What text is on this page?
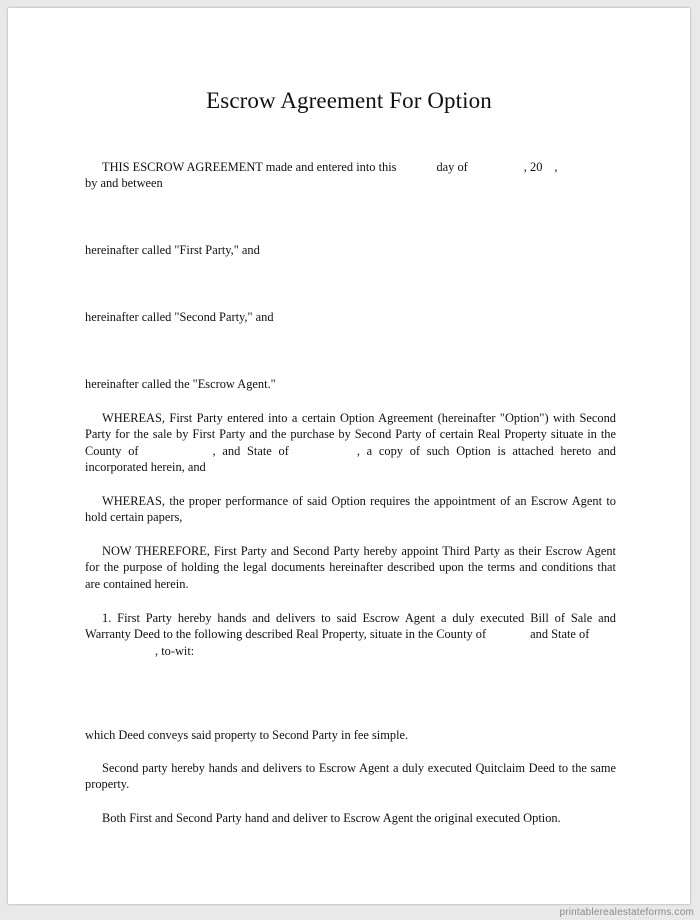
Escrow Agreement For Option
THIS ESCROW AGREEMENT made and entered into this	day of	, 20 ,
by and between
hereinafter called "First Party," and
hereinafter called "Second Party," and
hereinafter called the "Escrow Agent."
WHEREAS, First Party entered into a certain Option Agreement (hereinafter "Option") with Second Party for the sale by First Party and the purchase by Second Party of certain Real Property situate in the County of	, and State of	, a copy of such Option is attached hereto and incorporated herein, and
WHEREAS, the proper performance of said Option requires the appointment of an Escrow Agent to hold certain papers,
NOW THEREFORE, First Party and Second Party hereby appoint Third Party as their Escrow Agent for the purpose of holding the legal documents hereinafter described upon the terms and conditions that are contained herein.
1. First Party hereby hands and delivers to said Escrow Agent a duly executed Bill of Sale and Warranty Deed to the following described Real Property, situate in the County of	and State of
, to-wit:
which Deed conveys said property to Second Party in fee simple.
Second party hereby hands and delivers to Escrow Agent a duly executed Quitclaim Deed to the same property.
Both First and Second Party hand and deliver to Escrow Agent the original executed Option.
printablerealestateforms.com
